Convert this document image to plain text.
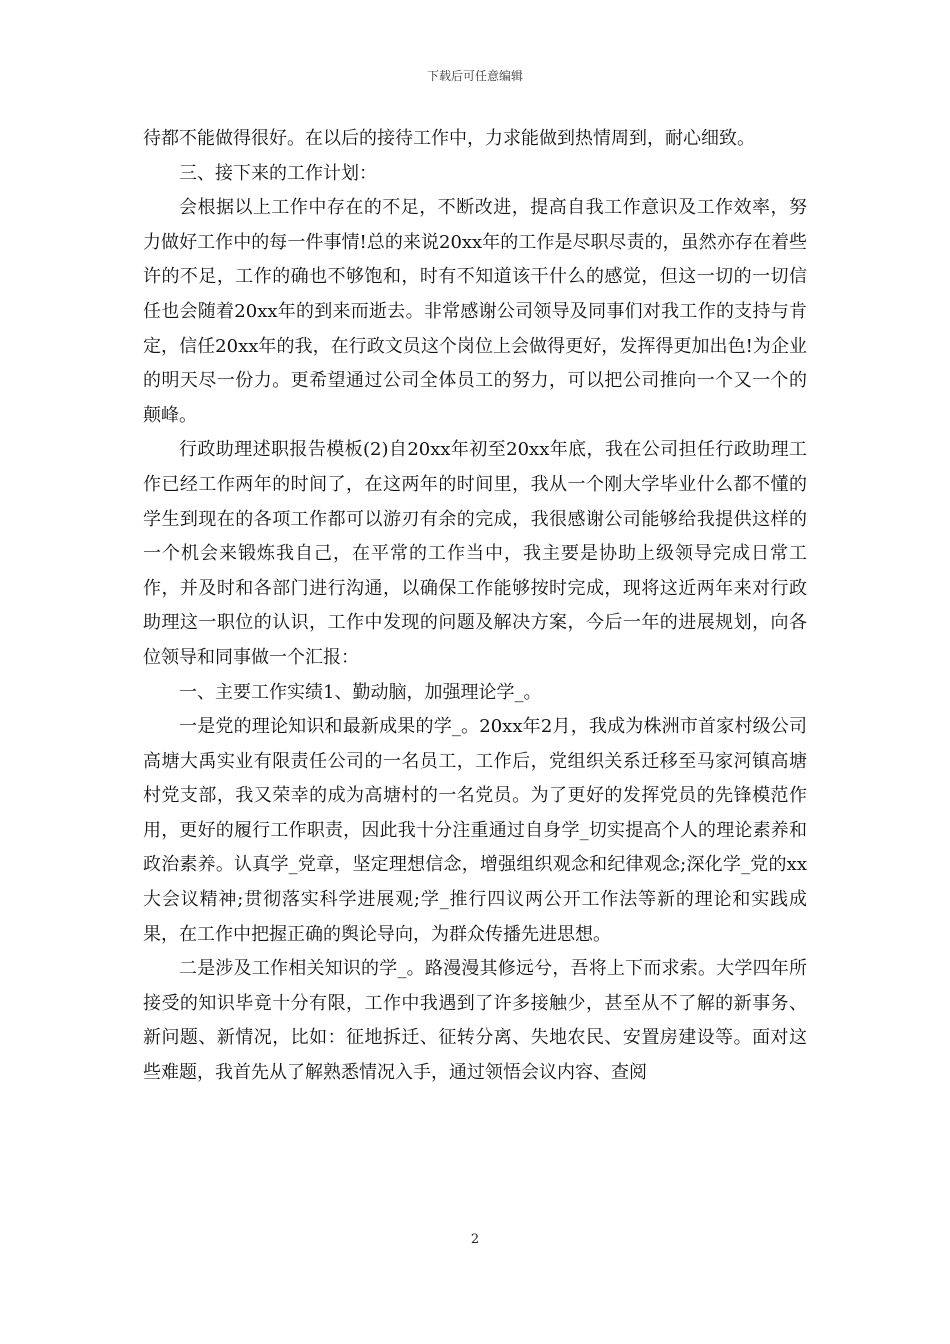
下载后可任意编辑

待都不能做得很好。在以后的接待工作中，力求能做到热情周到，耐心细致。

三、接下来的工作计划：

会根据以上工作中存在的不足，不断改进，提高自我工作意识及工作效率，努力做好工作中的每一件事情!总的来说20xx年的工作是尽职尽责的，虽然亦存在着些许的不足，工作的确也不够饱和，时有不知道该干什么的感觉，但这一切的一切信任也会随着20xx年的到来而逝去。非常感谢公司领导及同事们对我工作的支持与肯定，信任20xx年的我，在行政文员这个岗位上会做得更好，发挥得更加出色!为企业的明天尽一份力。更希望通过公司全体员工的努力，可以把公司推向一个又一个的颠峰。

行政助理述职报告模板(2)自20xx年初至20xx年底，我在公司担任行政助理工作已经工作两年的时间了，在这两年的时间里，我从一个刚大学毕业什么都不懂的学生到现在的各项工作都可以游刃有余的完成，我很感谢公司能够给我提供这样的一个机会来锻炼我自己，在平常的工作当中，我主要是协助上级领导完成日常工作，并及时和各部门进行沟通，以确保工作能够按时完成，现将这近两年来对行政助理这一职位的认识，工作中发现的问题及解决方案，今后一年的进展规划，向各位领导和同事做一个汇报：

一、主要工作实绩1、勤动脑，加强理论学_。

一是党的理论知识和最新成果的学_。20xx年2月，我成为株洲市首家村级公司高塘大禹实业有限责任公司的一名员工，工作后，党组织关系迁移至马家河镇高塘村党支部，我又荣幸的成为高塘村的一名党员。为了更好的发挥党员的先锋模范作用，更好的履行工作职责，因此我十分注重通过自身学_切实提高个人的理论素养和政治素养。认真学_党章，坚定理想信念，增强组织观念和纪律观念;深化学_党的xx大会议精神;贯彻落实科学进展观;学_推行四议两公开工作法等新的理论和实践成果，在工作中把握正确的舆论导向，为群众传播先进思想。

二是涉及工作相关知识的学_。路漫漫其修远兮，吾将上下而求索。大学四年所接受的知识毕竟十分有限，工作中我遇到了许多接触少，甚至从不了解的新事务、新问题、新情况，比如：征地拆迁、征转分离、失地农民、安置房建设等。面对这些难题，我首先从了解熟悉情况入手，通过领悟会议内容、查阅

2
